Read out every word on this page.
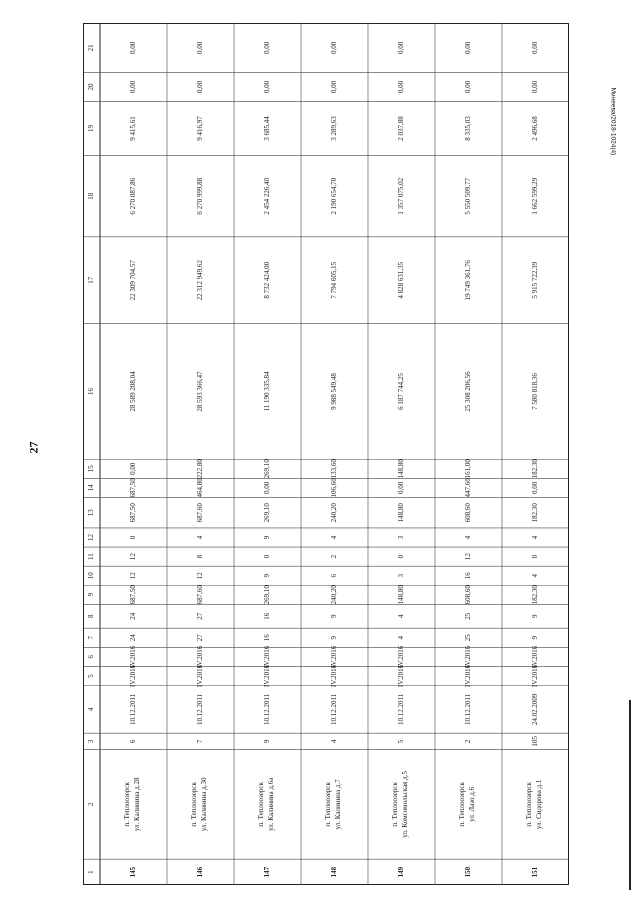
27
Минеева/2018-1024(4)
1
2
3
4
5
6
7
8
9
10
11
12
13
14
15
16
17
18
19
20
21
145
п. Теплоозерск ул. Калинина д.28
6
10.12.2011
IV.2016
IV.2016
24
24
687,50
12
12
0
687,50
687,50
0,00
28 589 208,04
22 309 704,57
6 270 087,86
9 415,61
0,00
0,00
146
п. Теплоозерск ул. Калинина д.30
7
10.12.2011
IV.2016
IV.2016
27
27
687,60
12
8
4
687,60
464,80
222,80
28 593 366,47
22 312 949,62
6 270 999,88
9 416,97
0,00
0,00
147
п. Теплоозерск ул. Калинина д.6а
9
10.12.2011
IV.2016
IV.2016
16
16
269,10
9
0
9
269,10
0,00
269,10
11 190 335,84
8 732 424,00
2 454 226,40
3 685,44
0,00
0,00
148
п. Теплоозерск ул. Калинина д.7
4
10.12.2011
IV.2016
IV.2016
9
9
240,20
6
2
4
240,20
106,60
133,60
9 988 549,48
7 794 605,15
2 190 654,70
3 289,63
0,00
0,00
149
п. Теплоозерск ул. Комсомольская д.5
5
10.12.2011
IV.2016
IV.2016
4
4
148,80
3
0
3
148,80
0,00
148,80
6 187 744,25
4 828 631,35
1 357 075,02
2 037,88
0,00
0,00
150
п. Теплоозерск ул. Лазо д.6
2
10.12.2011
IV.2016
IV.2016
25
25
608,60
16
12
4
608,60
447,60
161,00
25 308 206,56
19 749 361,76
5 550 509,77
8 335,03
0,00
0,00
151
п. Теплоозерск ул. Сидорова д.1
105
24.02.2009
IV.2016
IV.2016
9
9
182,30
4
0
4
182,30
0,00
182,30
7 580 818,36
5 915 722,39
1 662 599,29
2 496,68
0,00
0,00
